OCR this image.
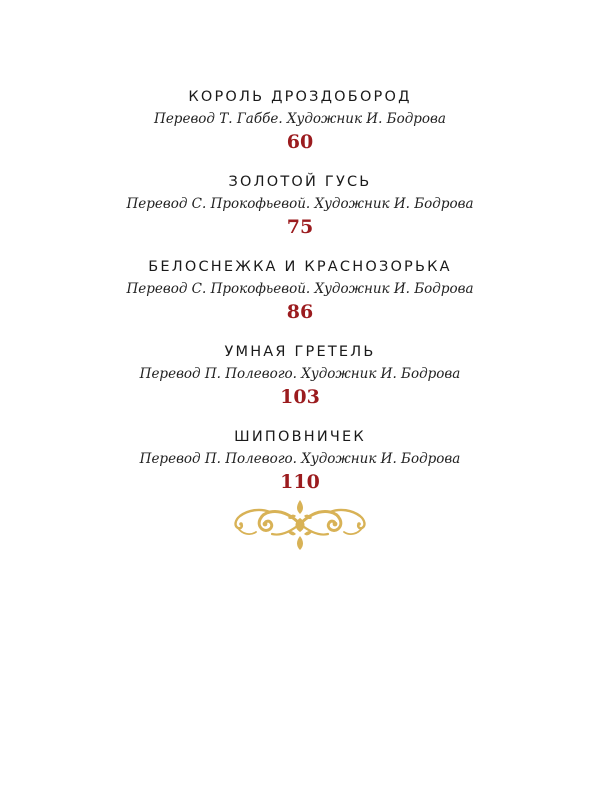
КОРОЛЬ ДРОЗДОБОРОД
Перевод Т. Габбе. Художник И. Бодрова
60
ЗОЛОТОЙ ГУСЬ
Перевод С. Прокофьевой. Художник И. Бодрова
75
БЕЛОСНЕЖКА И КРАСНОЗОРЬКА
Перевод С. Прокофьевой. Художник И. Бодрова
86
УМНАЯ ГРЕТЕЛЬ
Перевод П. Полевого. Художник И. Бодрова
103
ШИПОВНИЧЕК
Перевод П. Полевого. Художник И. Бодрова
110
